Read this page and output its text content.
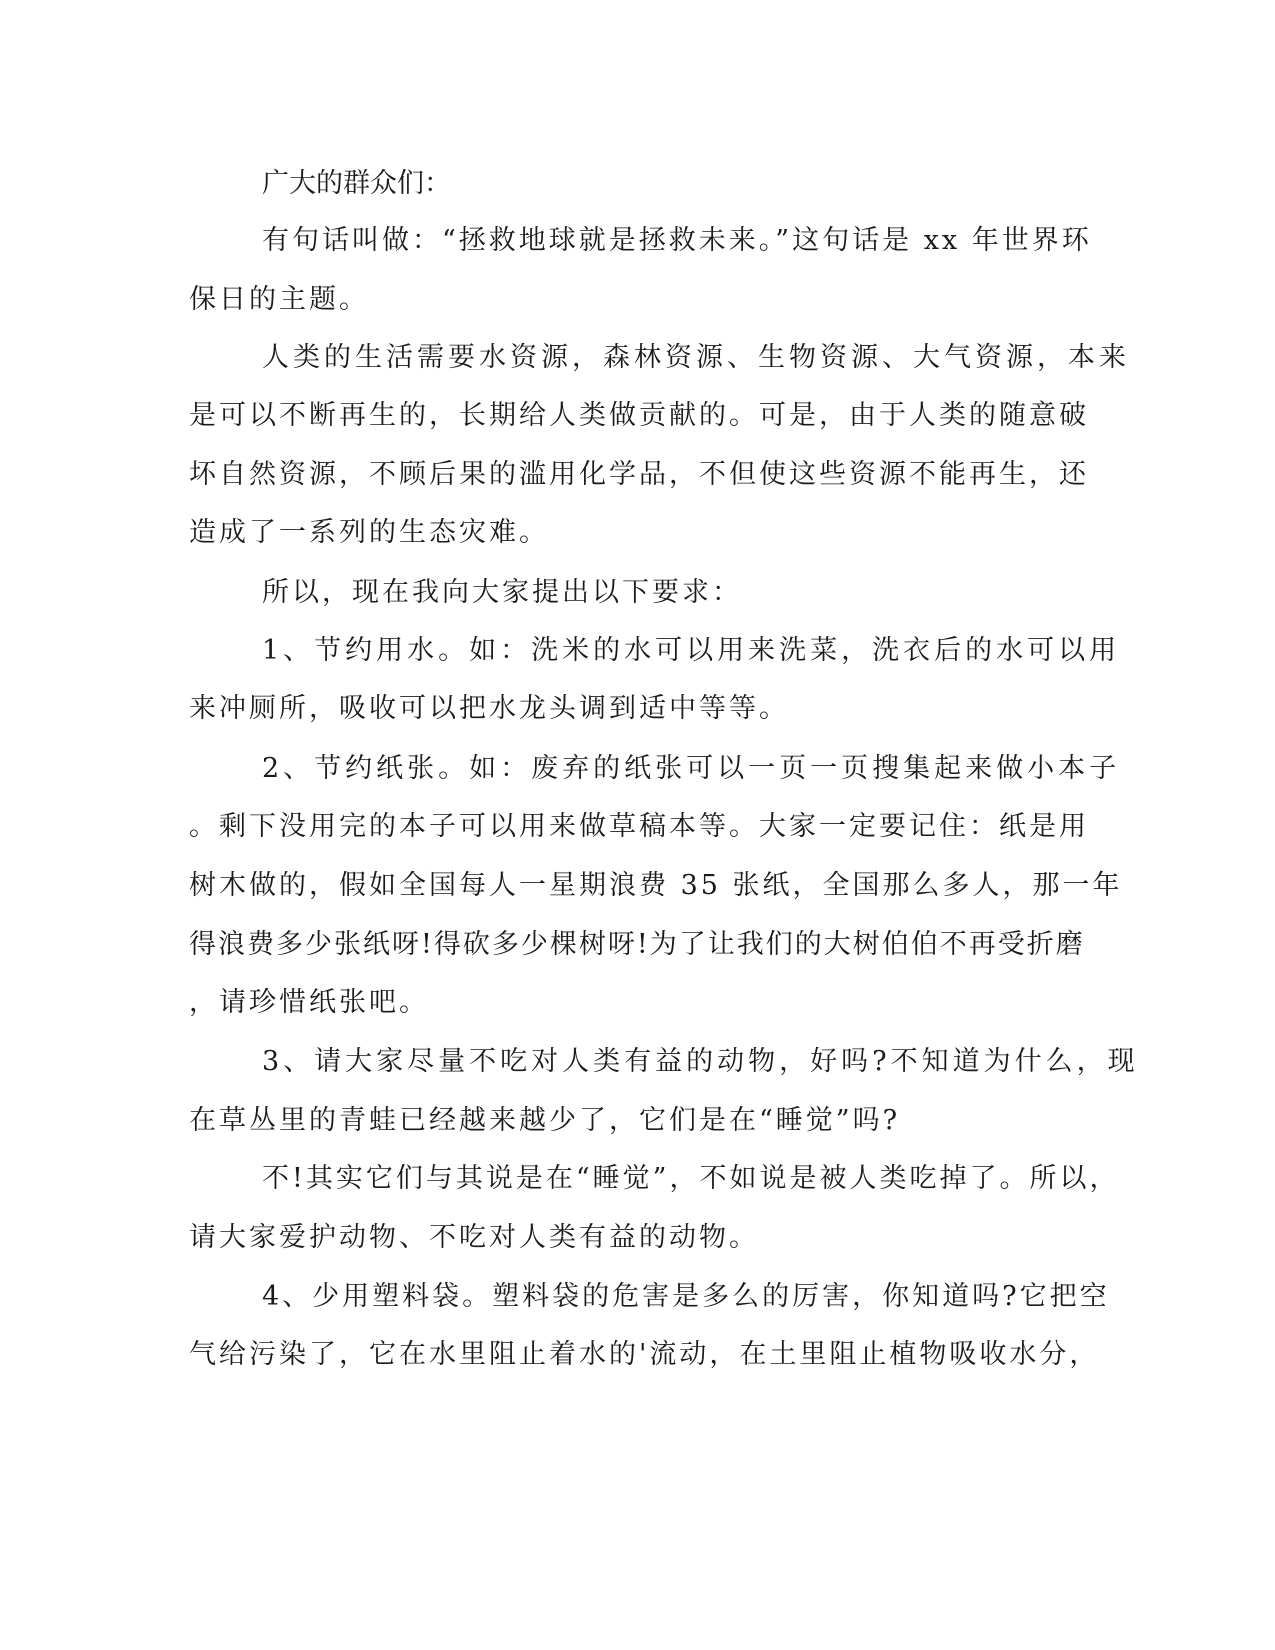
广大的群众们：
有句话叫做：“拯救地球就是拯救未来。”这句话是 xx 年世界环
保日的主题。
人类的生活需要水资源，森林资源、生物资源、大气资源，本来
是可以不断再生的，长期给人类做贡献的。可是，由于人类的随意破
坏自然资源，不顾后果的滥用化学品，不但使这些资源不能再生，还
造成了一系列的生态灾难。
所以，现在我向大家提出以下要求：
1、节约用水。如：洗米的水可以用来洗菜，洗衣后的水可以用
来冲厕所，吸收可以把水龙头调到适中等等。
2、节约纸张。如：废弃的纸张可以一页一页搜集起来做小本子
。剩下没用完的本子可以用来做草稿本等。大家一定要记住：纸是用
树木做的，假如全国每人一星期浪费 35 张纸，全国那么多人，那一年
得浪费多少张纸呀!得砍多少棵树呀!为了让我们的大树伯伯不再受折磨
，请珍惜纸张吧。
3、请大家尽量不吃对人类有益的动物，好吗?不知道为什么，现
在草丛里的青蛙已经越来越少了，它们是在“睡觉”吗?
不!其实它们与其说是在“睡觉”，不如说是被人类吃掉了。所以，
请大家爱护动物、不吃对人类有益的动物。
4、少用塑料袋。塑料袋的危害是多么的厉害，你知道吗?它把空
气给污染了，它在水里阻止着水的'流动，在土里阻止植物吸收水分，
